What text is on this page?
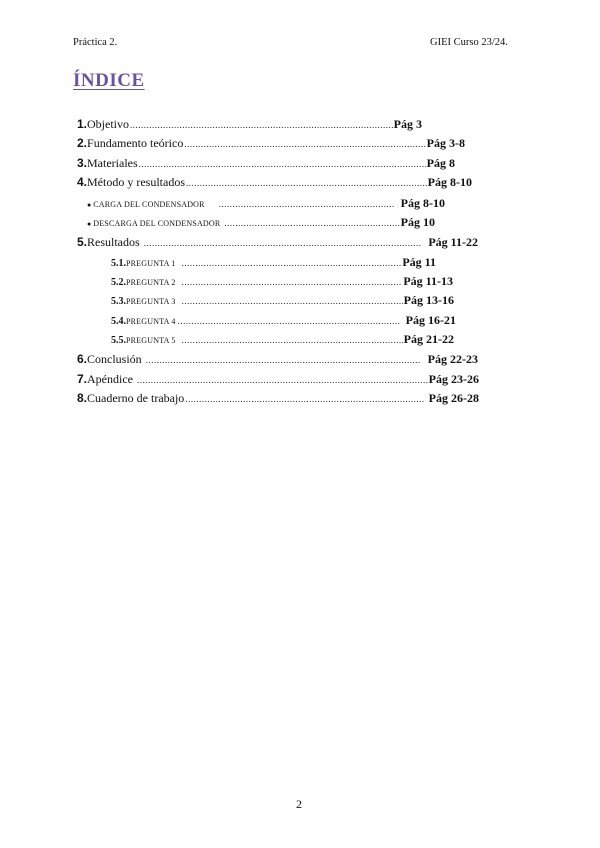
Práctica 2.	GIEI Curso 23/24.
ÍNDICE
1. Objetivo .....	Pág 3
2. Fundamento teórico .....	Pág 3-8
3. Materiales .....	Pág 8
4. Método y resultados .....	Pág 8-10
● CARGA DEL CONDENSADOR .....	Pág 8-10
● DESCARGA DEL CONDENSADOR .....	Pág 10
5. Resultados .....	Pág 11-22
5.1. PREGUNTA 1 .....	Pág 11
5.2. PREGUNTA 2 .....	Pág 11-13
5.3. PREGUNTA 3 .....	Pág 13-16
5.4. PREGUNTA 4 .....	Pág 16-21
5.5. PREGUNTA 5 .....	Pág 21-22
6. Conclusión .....	Pág 22-23
7. Apéndice .....	Pág 23-26
8. Cuaderno de trabajo .....	Pág 26-28
2
